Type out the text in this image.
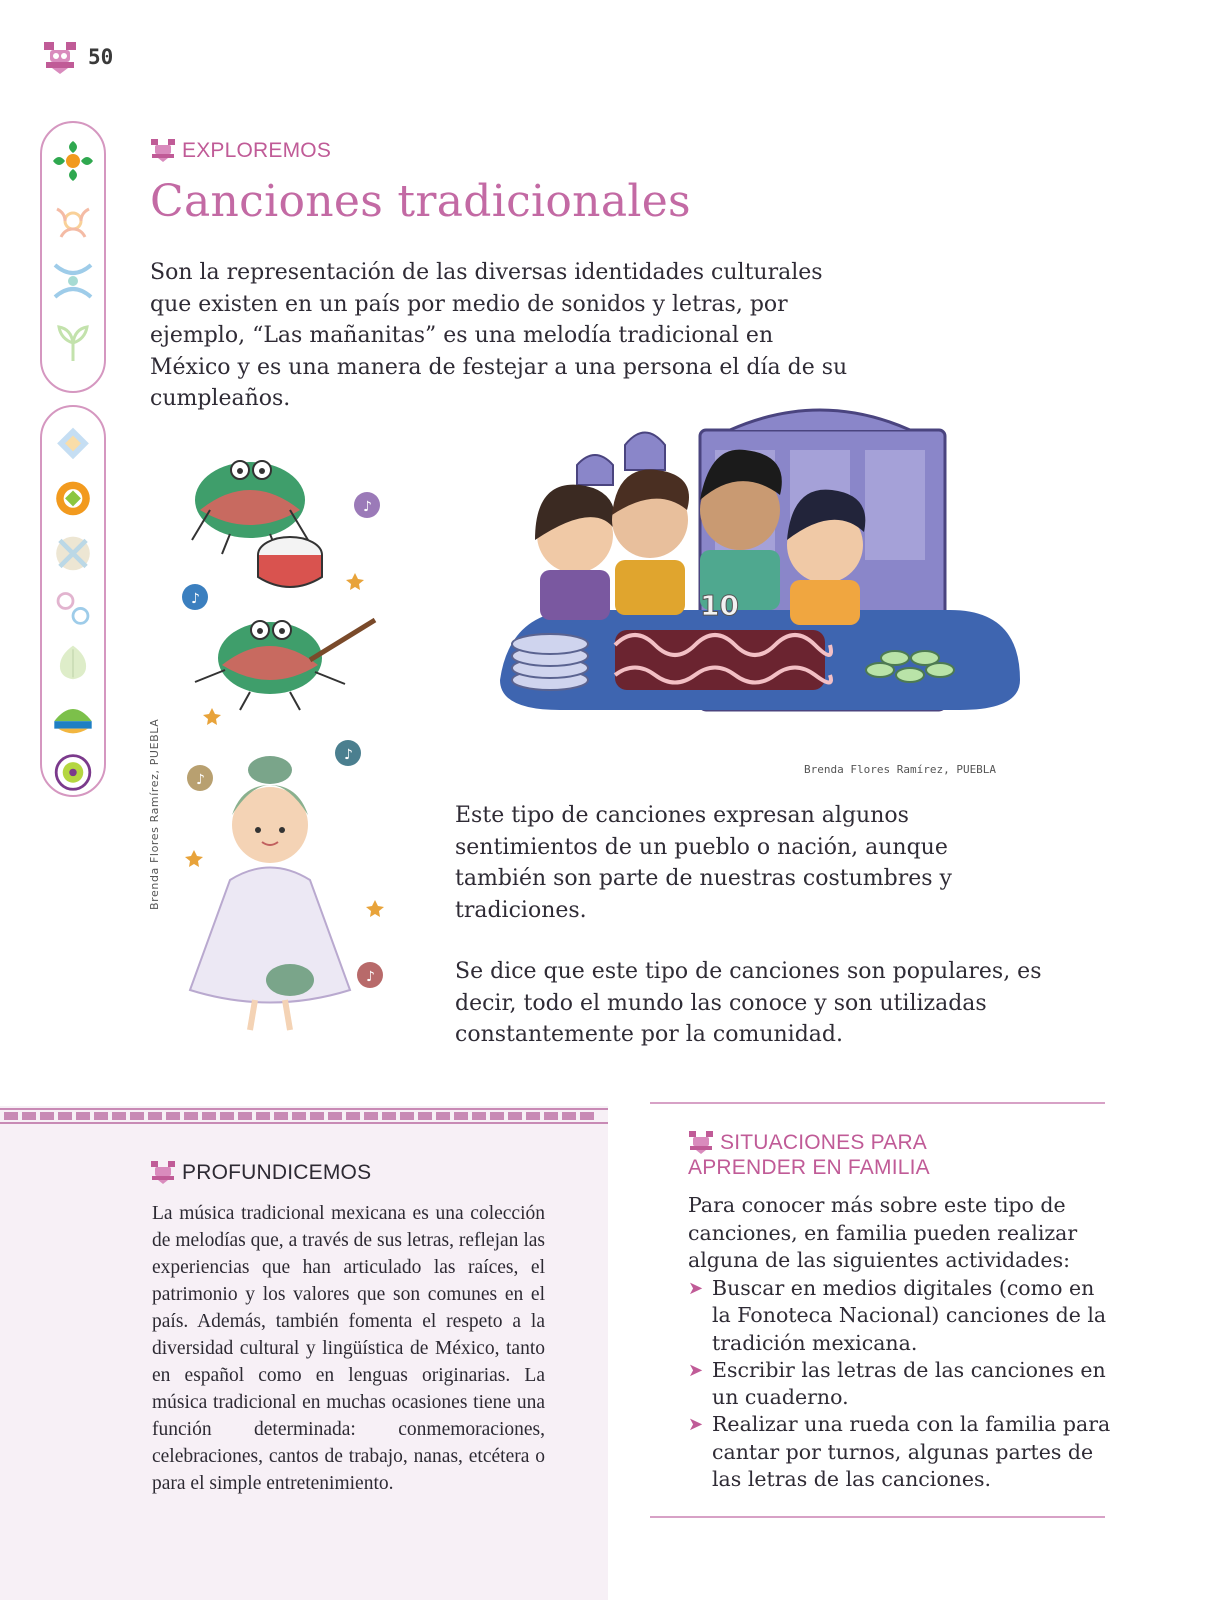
50
EXPLOREMOS
Canciones tradicionales

Son la representación de las diversas identidades culturales que existen en un país por medio de sonidos y letras, por ejemplo, “Las mañanitas” es una melodía tradicional en México y es una manera de festejar a una persona el día de su cumpleaños.

♪
♪
♪
♪
♪
Brenda Flores Ramírez, PUEBLA
10
Brenda Flores Ramírez, PUEBLA

Este tipo de canciones expresan algunos sentimientos de un pueblo o nación, aunque también son parte de nuestras costumbres y tradiciones.

Se dice que este tipo de canciones son populares, es decir, todo el mundo las conoce y son utilizadas constantemente por la comunidad.

PROFUNDICEMOS

La música tradicional mexicana es una colección de melodías que, a través de sus letras, reflejan las experiencias que han articulado las raíces, el patrimonio y los valores que son comunes en el país. Además, también fomenta el respeto a la diversidad cultural y lingüística de México, tanto en español como en lenguas originarias. La música tradicional en muchas ocasiones tiene una función determinada: conmemoraciones, celebraciones, cantos de trabajo, nanas, etcétera o para el simple entretenimiento.

SITUACIONES PARA
APRENDER EN FAMILIA

Para conocer más sobre este tipo de canciones, en familia pueden realizar alguna de las siguientes actividades:

➤ Buscar en medios digitales (como en la Fonoteca Nacional) canciones de la tradición mexicana.
➤ Escribir las letras de las canciones en un cuaderno.
➤ Realizar una rueda con la familia para cantar por turnos, algunas partes de las letras de las canciones.
